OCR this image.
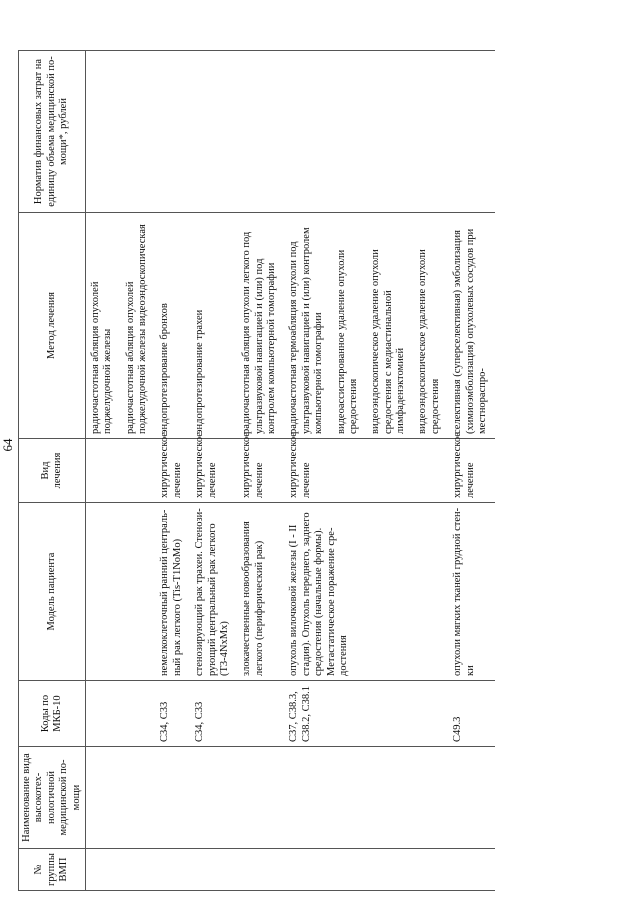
64
№ группы ВМП	Наименование вида высокотехнологичной медицинской помощи	Коды по МКБ-10	Модель пациента	Вид лечения	Метод лечения	Норматив финансовых затрат на единицу объема медицинской помощи*, рублей

					радиочастотная абляция опухолей поджелудочной железы радиочастотная абляция опухолей поджелудочной железы видеоэндоскопическая	

		C34, C33	немелкоклеточный ранний центральный рак легкого (Tis-T1NoMo)	хирургическое лечение	эндопротезирование бронхов	

		C34, C33	стенозирующий рак трахеи. Стенозирующий центральный рак легкого (T3-4NxMx)	хирургическое лечение	эндопротезирование трахеи	

			злокачественные новообразования легкого (периферический рак)	хирургическое лечение	радиочастотная абляция опухоли легкого под ультразвуковой навигацией и (или) под контролем компьютерной томографии	

		C37, C38.3, C38.2, C38.1	опухоль вилочковой железы (I - II стадия). Опухоль переднего, заднего средостения (начальные формы). Метастатическое поражение средостения	хирургическое лечение	радиочастотная термоабляция опухоли под ультразвуковой навигацией и (или) контролем компьютерной томографии видеоассистированное удаление опухоли средостения видеоэндоскопическое удаление опухоли средостения с медиастинальной лимфаденэктомией видеоэндоскопическое удаление опухоли средостения	

		C49.3	опухоли мягких тканей грудной стенки	хирургическое лечение	селективная (суперселективная) эмболизация (химиоэмболизация) опухолевых сосудов при местнораспро-	
